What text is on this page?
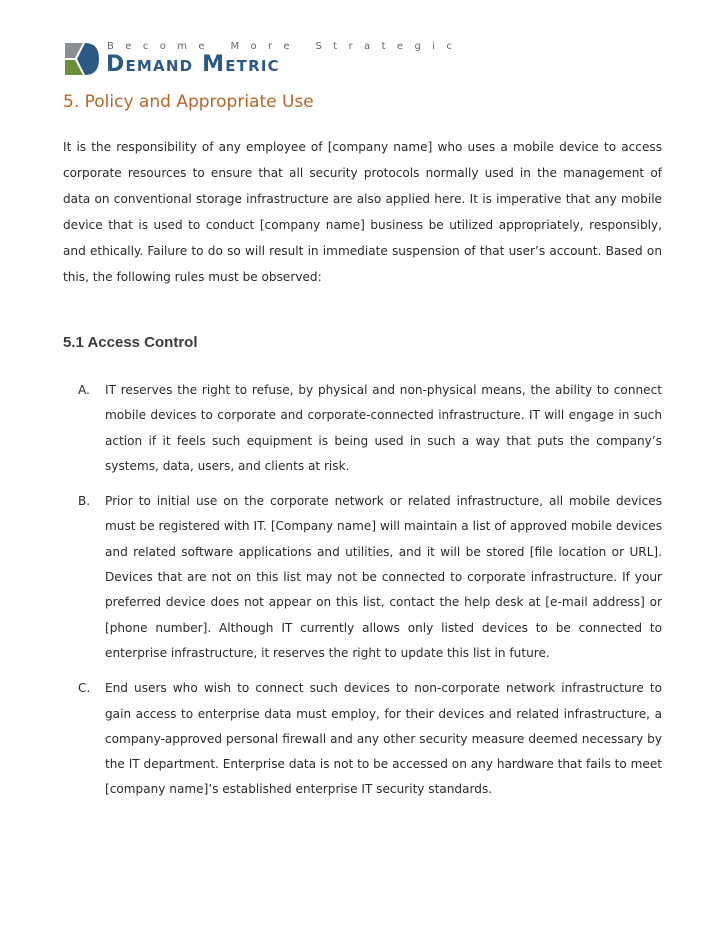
Become More Strategic
Demand Metric
5. Policy and Appropriate Use

It is the responsibility of any employee of [company name] who uses a mobile device to access corporate resources to ensure that all security protocols normally used in the management of data on conventional storage infrastructure are also applied here. It is imperative that any mobile device that is used to conduct [company name] business be utilized appropriately, responsibly, and ethically. Failure to do so will result in immediate suspension of that user’s account. Based on this, the following rules must be observed:

5.1 Access Control
A.	IT reserves the right to refuse, by physical and non-physical means, the ability to connect mobile devices to corporate and corporate-connected infrastructure. IT will engage in such action if it feels such equipment is being used in such a way that puts the company’s systems, data, users, and clients at risk.
B.	Prior to initial use on the corporate network or related infrastructure, all mobile devices must be registered with IT. [Company name] will maintain a list of approved mobile devices and related software applications and utilities, and it will be stored [file location or URL]. Devices that are not on this list may not be connected to corporate infrastructure. If your preferred device does not appear on this list, contact the help desk at [e-mail address] or [phone number]. Although IT currently allows only listed devices to be connected to enterprise infrastructure, it reserves the right to update this list in future.
C.	End users who wish to connect such devices to non-corporate network infrastructure to gain access to enterprise data must employ, for their devices and related infrastructure, a company-approved personal firewall and any other security measure deemed necessary by the IT department. Enterprise data is not to be accessed on any hardware that fails to meet [company name]’s established enterprise IT security standards.
